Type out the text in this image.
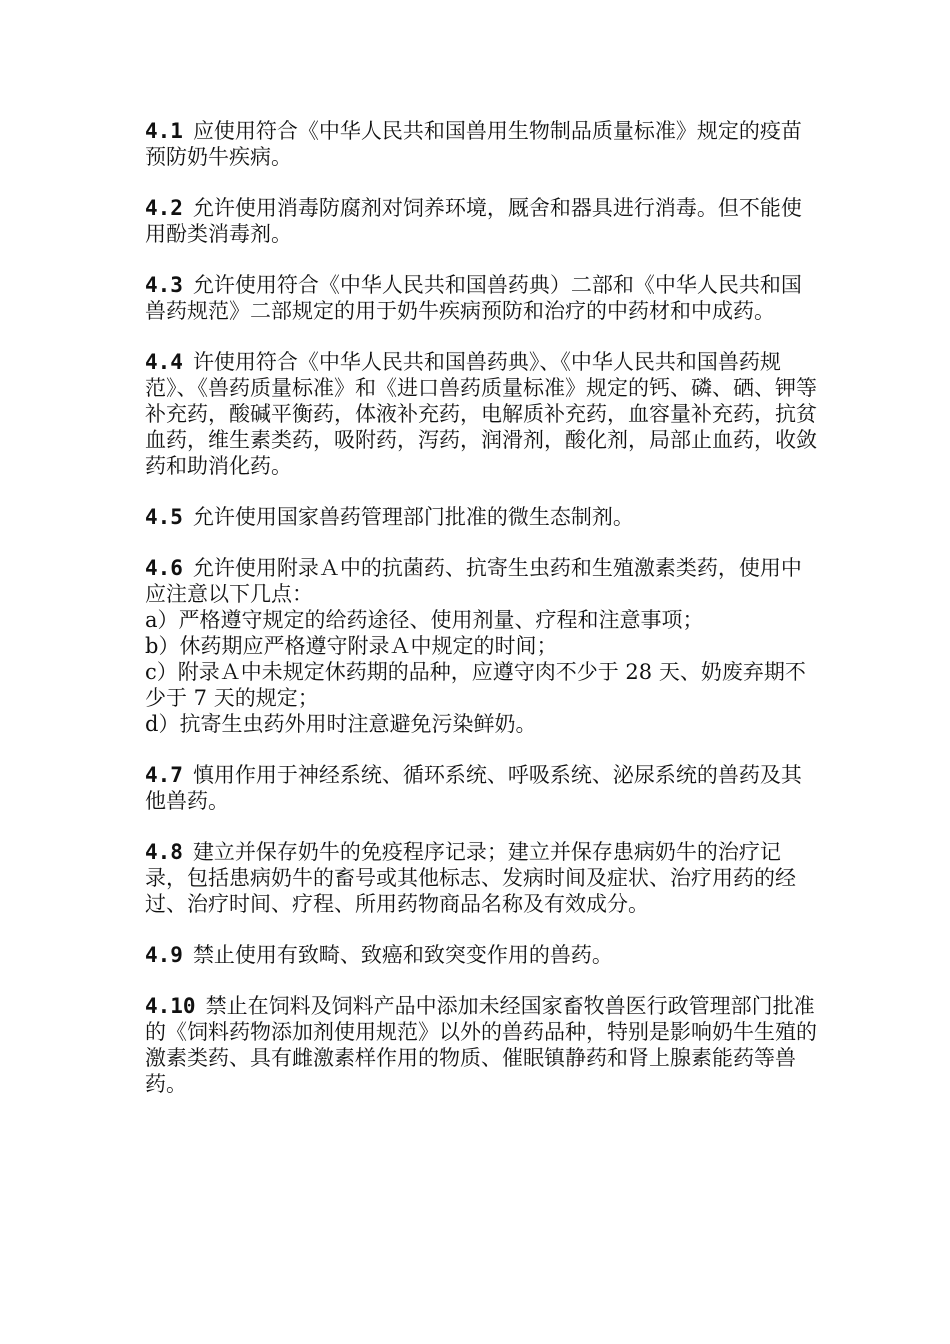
4.1 应使用符合《中华人民共和国兽用生物制品质量标准》规定的疫苗预防奶牛疾病。

4.2 允许使用消毒防腐剂对饲养环境，厩舍和器具进行消毒。但不能使用酚类消毒剂。

4.3 允许使用符合《中华人民共和国兽药典）二部和《中华人民共和国兽药规范》二部规定的用于奶牛疾病预防和治疗的中药材和中成药。

4.4 许使用符合《中华人民共和国兽药典》、《中华人民共和国兽药规范》、《兽药质量标准》和《进口兽药质量标准》规定的钙、磷、硒、钾等补充药，酸碱平衡药，体液补充药，电解质补充药，血容量补充药，抗贫血药，维生素类药，吸附药，泻药，润滑剂，酸化剂，局部止血药，收敛药和助消化药。

4.5 允许使用国家兽药管理部门批准的微生态制剂。

4.6 允许使用附录Ａ中的抗菌药、抗寄生虫药和生殖激素类药，使用中应注意以下几点：
a）严格遵守规定的给药途径、使用剂量、疗程和注意事项；
b）休药期应严格遵守附录Ａ中规定的时间；
c）附录Ａ中未规定休药期的品种，应遵守肉不少于 28 天、奶废弃期不少于 7 天的规定；
d）抗寄生虫药外用时注意避免污染鲜奶。

4.7 慎用作用于神经系统、循环系统、呼吸系统、泌尿系统的兽药及其他兽药。

4.8 建立并保存奶牛的免疫程序记录；建立并保存患病奶牛的治疗记录，包括患病奶牛的畜号或其他标志、发病时间及症状、治疗用药的经过、治疗时间、疗程、所用药物商品名称及有效成分。

4.9 禁止使用有致畸、致癌和致突变作用的兽药。

4.10 禁止在饲料及饲料产品中添加未经国家畜牧兽医行政管理部门批准的《饲料药物添加剂使用规范》以外的兽药品种，特别是影响奶牛生殖的激素类药、具有雌激素样作用的物质、催眠镇静药和肾上腺素能药等兽药。
